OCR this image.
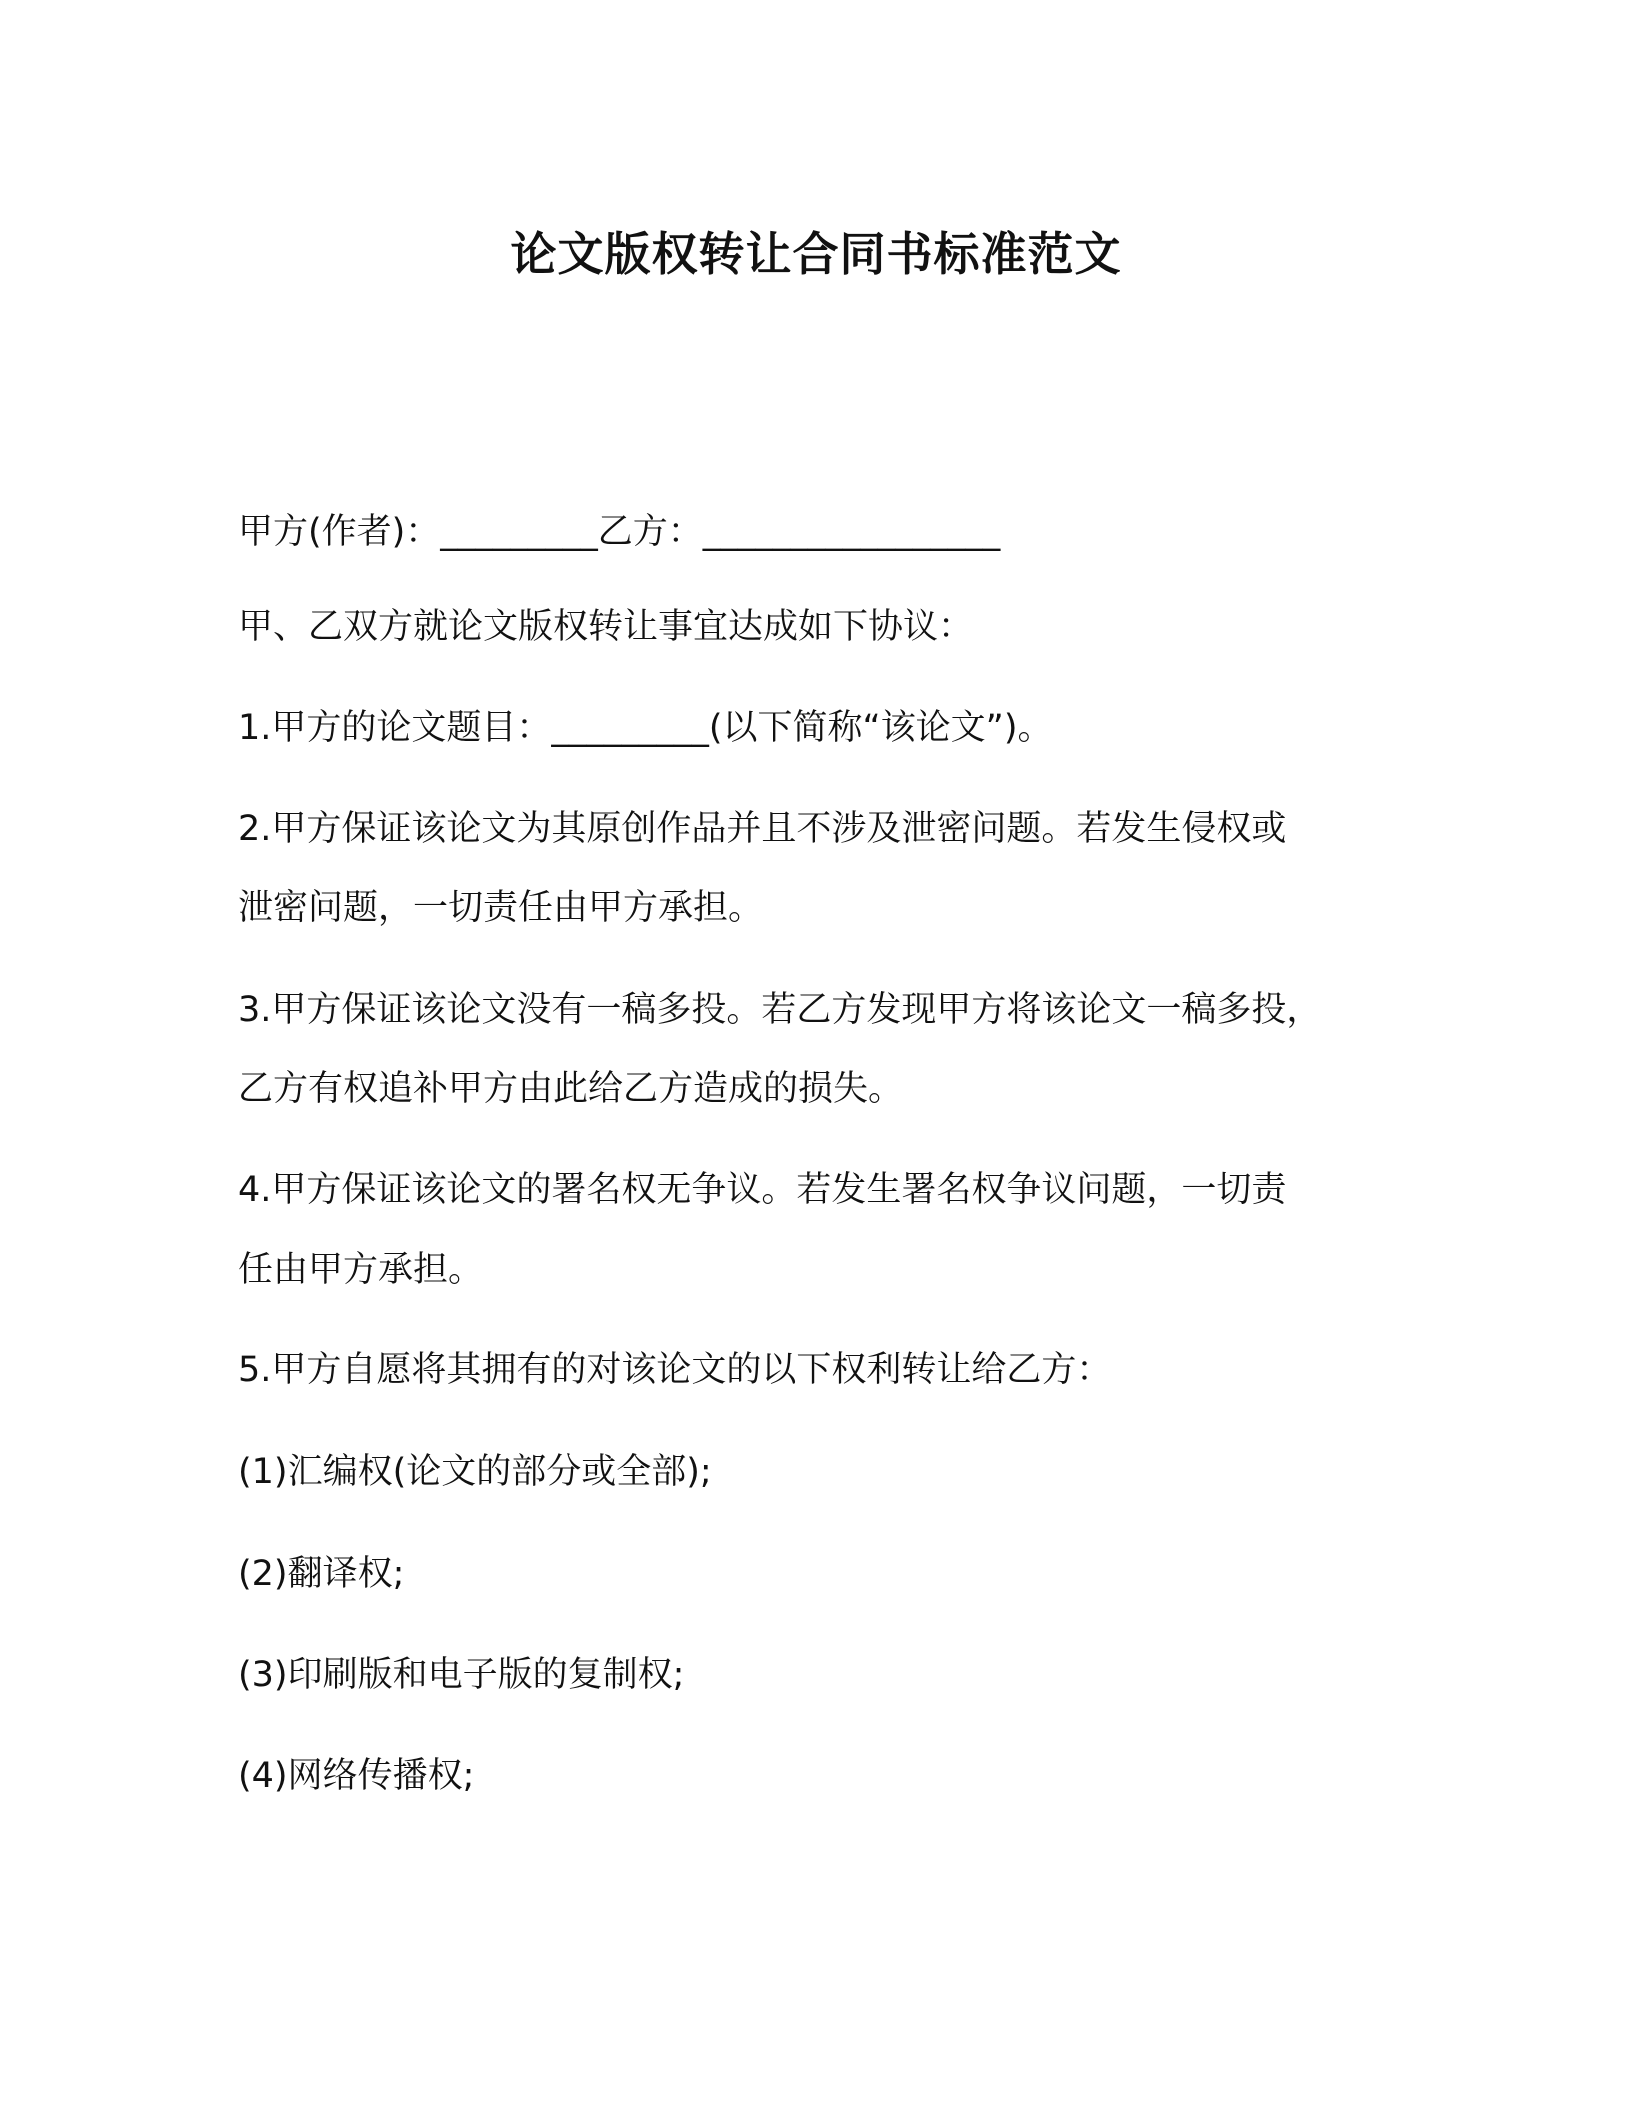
论文版权转让合同书标准范文
甲方(作者)：_________乙方：_________________
甲、乙双方就论文版权转让事宜达成如下协议：
1.甲方的论文题目：_________(以下简称“该论文”)。
2.甲方保证该论文为其原创作品并且不涉及泄密问题。若发生侵权或
泄密问题，一切责任由甲方承担。
3.甲方保证该论文没有一稿多投。若乙方发现甲方将该论文一稿多投，
乙方有权追补甲方由此给乙方造成的损失。
4.甲方保证该论文的署名权无争议。若发生署名权争议问题，一切责
任由甲方承担。
5.甲方自愿将其拥有的对该论文的以下权利转让给乙方：
(1)汇编权(论文的部分或全部);
(2)翻译权;
(3)印刷版和电子版的复制权;
(4)网络传播权;
